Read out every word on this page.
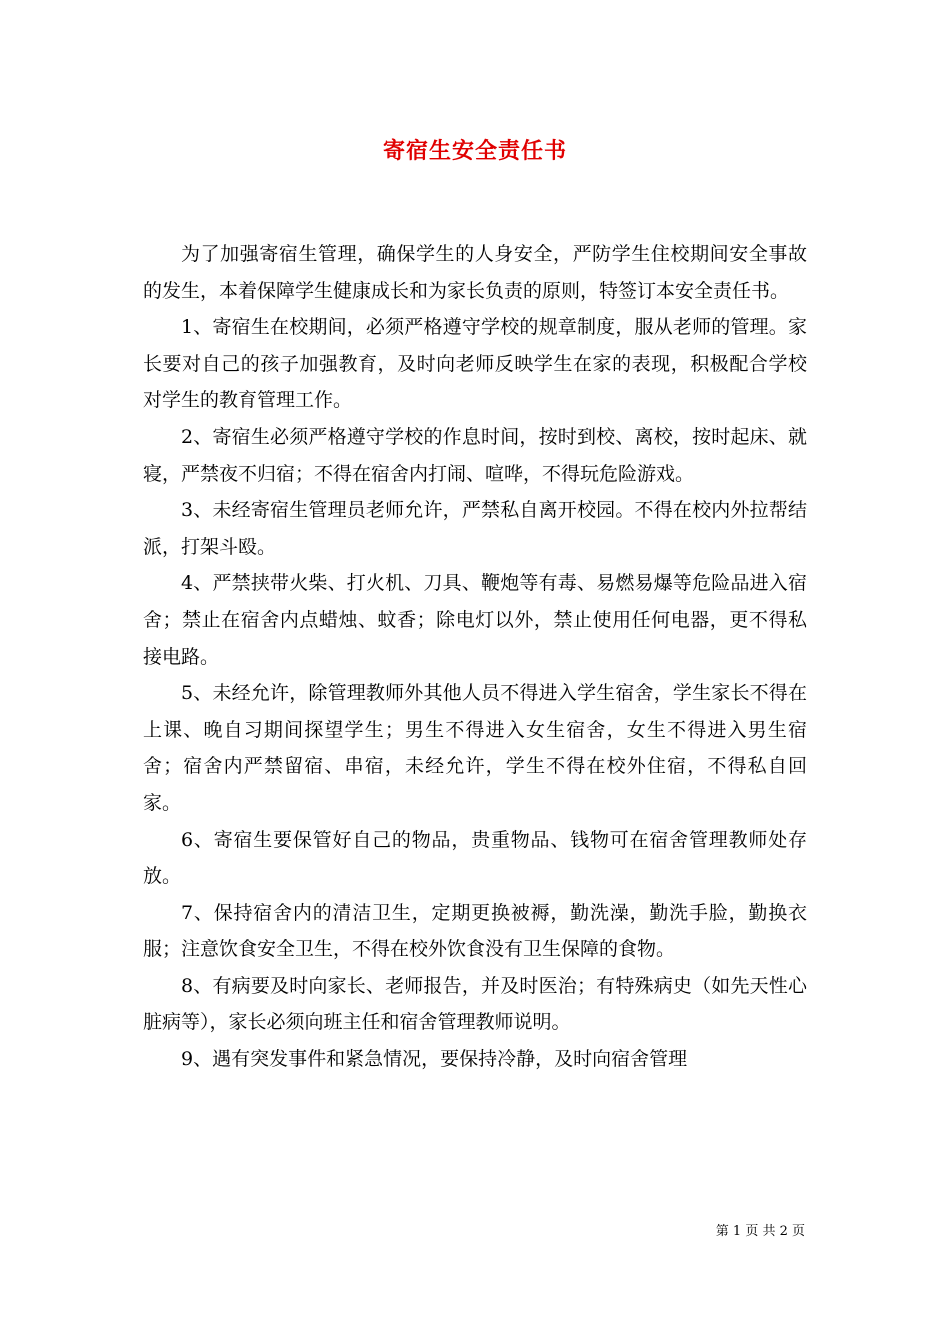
寄宿生安全责任书

为了加强寄宿生管理，确保学生的人身安全，严防学生住校期间安全事故的发生，本着保障学生健康成长和为家长负责的原则，特签订本安全责任书。

1、寄宿生在校期间，必须严格遵守学校的规章制度，服从老师的管理。家长要对自己的孩子加强教育，及时向老师反映学生在家的表现，积极配合学校对学生的教育管理工作。

2、寄宿生必须严格遵守学校的作息时间，按时到校、离校，按时起床、就寝，严禁夜不归宿；不得在宿舍内打闹、喧哗，不得玩危险游戏。

3、未经寄宿生管理员老师允许，严禁私自离开校园。不得在校内外拉帮结派，打架斗殴。

4、严禁挟带火柴、打火机、刀具、鞭炮等有毒、易燃易爆等危险品进入宿舍；禁止在宿舍内点蜡烛、蚊香；除电灯以外，禁止使用任何电器，更不得私接电路。

5、未经允许，除管理教师外其他人员不得进入学生宿舍，学生家长不得在上课、晚自习期间探望学生；男生不得进入女生宿舍，女生不得进入男生宿舍；宿舍内严禁留宿、串宿，未经允许，学生不得在校外住宿，不得私自回家。

6、寄宿生要保管好自己的物品，贵重物品、钱物可在宿舍管理教师处存放。

7、保持宿舍内的清洁卫生，定期更换被褥，勤洗澡，勤洗手脸，勤换衣服；注意饮食安全卫生，不得在校外饮食没有卫生保障的食物。

8、有病要及时向家长、老师报告，并及时医治；有特殊病史（如先天性心脏病等），家长必须向班主任和宿舍管理教师说明。

9、遇有突发事件和紧急情况，要保持冷静，及时向宿舍管理

第 1 页 共 2 页
